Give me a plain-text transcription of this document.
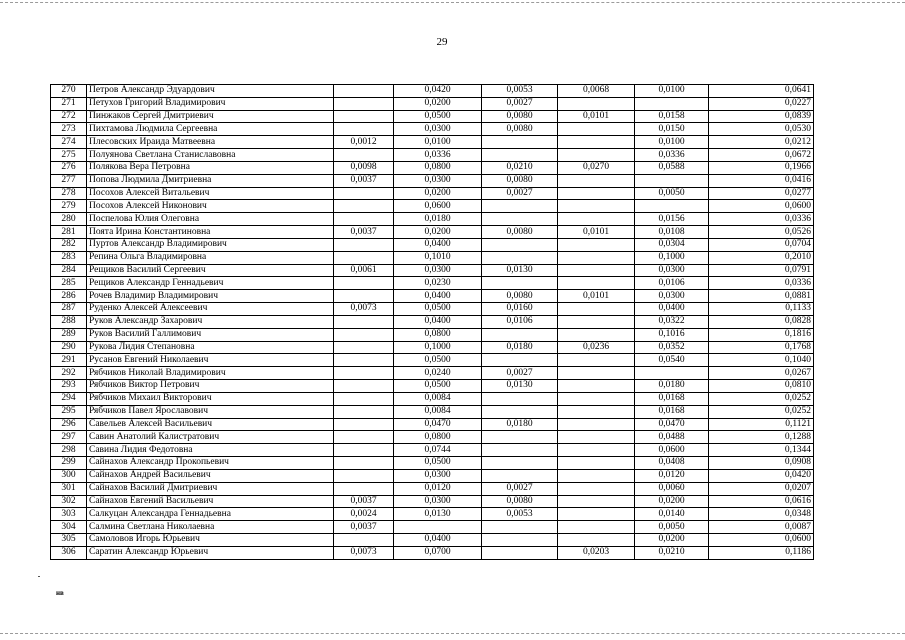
29
270	Петров Александр Эдуардович		0,0420	0,0053	0,0068	0,0100	0,0641
271	Петухов Григорий Владимирович		0,0200	0,0027			0,0227
272	Пинжаков Сергей Дмитриевич		0,0500	0,0080	0,0101	0,0158	0,0839
273	Пихтамова Людмила Сергеевна		0,0300	0,0080		0,0150	0,0530
274	Плесовских Ираида Матвеевна	0,0012	0,0100			0,0100	0,0212
275	Полуянова Светлана Станиславовна		0,0336			0,0336	0,0672
276	Полякова Вера Петровна	0,0098	0,0800	0,0210	0,0270	0,0588	0,1966
277	Попова Людмила Дмитриевна	0,0037	0,0300	0,0080			0,0416
278	Посохов Алексей Витальевич		0,0200	0,0027		0,0050	0,0277
279	Посохов Алексей Никонович		0,0600				0,0600
280	Поспелова Юлия Олеговна		0,0180			0,0156	0,0336
281	Поята Ирина Константиновна	0,0037	0,0200	0,0080	0,0101	0,0108	0,0526
282	Пуртов Александр Владимирович		0,0400			0,0304	0,0704
283	Репина Ольга Владимировна		0,1010			0,1000	0,2010
284	Рещиков Василий Сергеевич	0,0061	0,0300	0,0130		0,0300	0,0791
285	Рещиков Александр Геннадьевич		0,0230			0,0106	0,0336
286	Рочев Владимир Владимирович		0,0400	0,0080	0,0101	0,0300	0,0881
287	Руденко Алексей Алексеевич	0,0073	0,0500	0,0160		0,0400	0,1133
288	Руков Александр Захарович		0,0400	0,0106		0,0322	0,0828
289	Руков Василий Галлимович		0,0800			0,1016	0,1816
290	Рукова Лидия Степановна		0,1000	0,0180	0,0236	0,0352	0,1768
291	Русанов Евгений Николаевич		0,0500			0,0540	0,1040
292	Рябчиков Николай Владимирович		0,0240	0,0027			0,0267
293	Рябчиков Виктор Петрович		0,0500	0,0130		0,0180	0,0810
294	Рябчиков Михаил Викторович		0,0084			0,0168	0,0252
295	Рябчиков Павел Ярославович		0,0084			0,0168	0,0252
296	Савельев Алексей Васильевич		0,0470	0,0180		0,0470	0,1121
297	Савин Анатолий Калистратович		0,0800			0,0488	0,1288
298	Савина Лидия Федотовна		0,0744			0,0600	0,1344
299	Сайнахов Александр Прокопьевич		0,0500			0,0408	0,0908
300	Сайнахов Андрей Васильевич		0,0300			0,0120	0,0420
301	Сайнахов Василий Дмитриевич		0,0120	0,0027		0,0060	0,0207
302	Сайнахов Евгений Васильевич	0,0037	0,0300	0,0080		0,0200	0,0616
303	Салкуцан Александра Геннадьевна	0,0024	0,0130	0,0053		0,0140	0,0348
304	Салмина Светлана Николаевна	0,0037				0,0050	0,0087
305	Самоловов Игорь Юрьевич		0,0400			0,0200	0,0600
306	Саратин Александр Юрьевич	0,0073	0,0700		0,0203	0,0210	0,1186
нв
